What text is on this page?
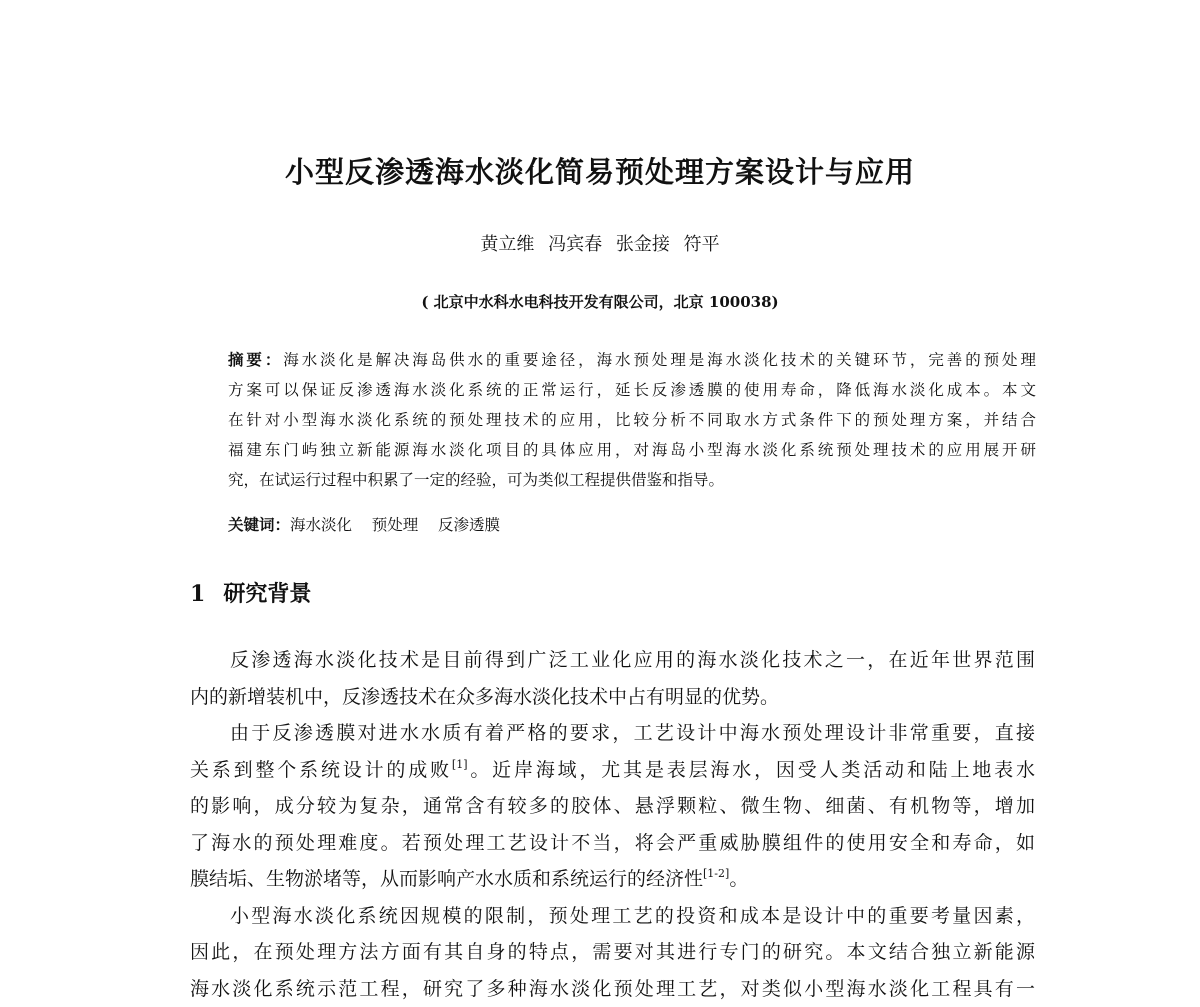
小型反渗透海水淡化简易预处理方案设计与应用
黄立维 冯宾春 张金接 符平
( 北京中水科水电科技开发有限公司，北京 100038)
摘要：海水淡化是解决海岛供水的重要途径，海水预处理是海水淡化技术的关键环节，完善的预处理
方案可以保证反渗透海水淡化系统的正常运行，延长反渗透膜的使用寿命，降低海水淡化成本。本文
在针对小型海水淡化系统的预处理技术的应用，比较分析不同取水方式条件下的预处理方案，并结合
福建东门屿独立新能源海水淡化项目的具体应用，对海岛小型海水淡化系统预处理技术的应用展开研
究，在试运行过程中积累了一定的经验，可为类似工程提供借鉴和指导。
关键词：海水淡化 预处理 反渗透膜
1 研究背景
反渗透海水淡化技术是目前得到广泛工业化应用的海水淡化技术之一，在近年世界范围
内的新增装机中，反渗透技术在众多海水淡化技术中占有明显的优势。
由于反渗透膜对进水水质有着严格的要求，工艺设计中海水预处理设计非常重要，直接
关系到整个系统设计的成败[1]。近岸海域，尤其是表层海水，因受人类活动和陆上地表水
的影响，成分较为复杂，通常含有较多的胶体、悬浮颗粒、微生物、细菌、有机物等，增加
了海水的预处理难度。若预处理工艺设计不当，将会严重威胁膜组件的使用安全和寿命，如
膜结垢、生物淤堵等，从而影响产水水质和系统运行的经济性[1-2]。
小型海水淡化系统因规模的限制，预处理工艺的投资和成本是设计中的重要考量因素，
因此，在预处理方法方面有其自身的特点，需要对其进行专门的研究。本文结合独立新能源
海水淡化系统示范工程，研究了多种海水淡化预处理工艺，对类似小型海水淡化工程具有一
